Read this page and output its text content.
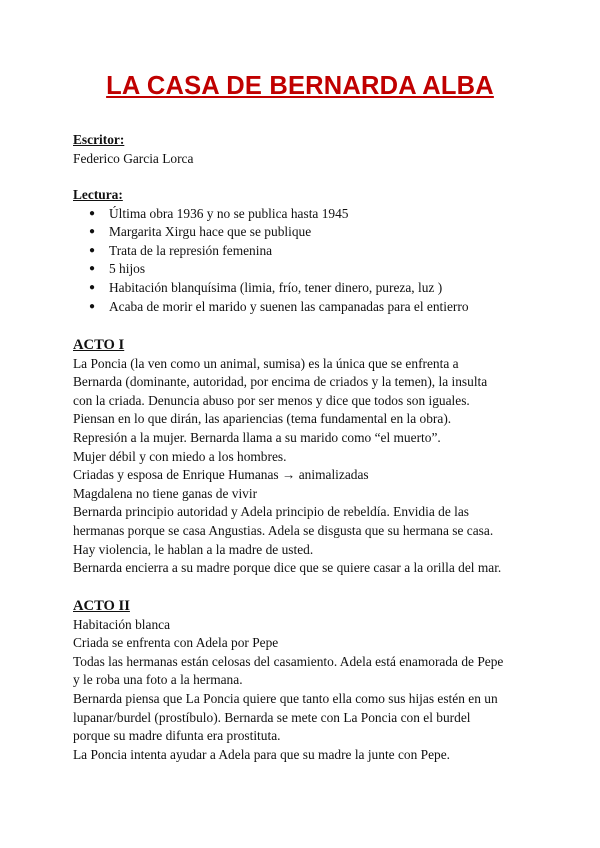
LA CASA DE BERNARDA ALBA
Escritor:
Federico Garcia Lorca
Lectura:
● Última obra 1936 y no se publica hasta 1945
● Margarita Xirgu hace que se publique
● Trata de la represión femenina
● 5 hijos
● Habitación blanquísima (limia, frío, tener dinero, pureza, luz )
● Acaba de morir el marido y suenen las campanadas para el entierro
ACTO I
La Poncia (la ven como un animal, sumisa) es la única que se enfrenta a
Bernarda (dominante, autoridad, por encima de criados y la temen), la insulta
con la criada. Denuncia abuso por ser menos y dice que todos son iguales.
Piensan en lo que dirán, las apariencias (tema fundamental en la obra).
Represión a la mujer. Bernarda llama a su marido como “el muerto”.
Mujer débil y con miedo a los hombres.
Criadas y esposa de Enrique Humanas → animalizadas
Magdalena no tiene ganas de vivir
Bernarda principio autoridad y Adela principio de rebeldía. Envidia de las
hermanas porque se casa Angustias. Adela se disgusta que su hermana se casa.
Hay violencia, le hablan a la madre de usted.
Bernarda encierra a su madre porque dice que se quiere casar a la orilla del mar.
ACTO II
Habitación blanca
Criada se enfrenta con Adela por Pepe
Todas las hermanas están celosas del casamiento. Adela está enamorada de Pepe
y le roba una foto a la hermana.
Bernarda piensa que La Poncia quiere que tanto ella como sus hijas estén en un
lupanar/burdel (prostíbulo). Bernarda se mete con La Poncia con el burdel
porque su madre difunta era prostituta.
La Poncia intenta ayudar a Adela para que su madre la junte con Pepe.
